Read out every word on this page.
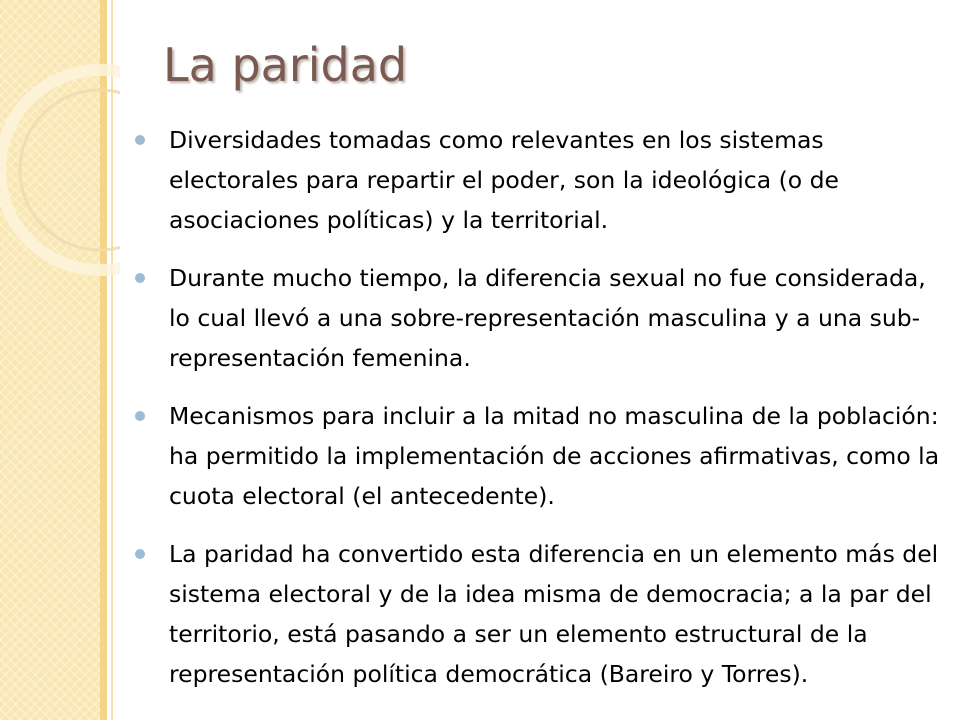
La paridad
Diversidades tomadas como relevantes en los sistemas electorales para repartir el poder, son la ideológica (o de asociaciones políticas) y la territorial.
Durante mucho tiempo, la diferencia sexual no fue considerada, lo cual llevó a una sobre-representación masculina y a una sub-representación femenina.
Mecanismos para incluir a la mitad no masculina de la población: ha permitido la implementación de acciones afirmativas, como la cuota electoral (el antecedente).
La paridad ha convertido esta diferencia en un elemento más del sistema electoral y de la idea misma de democracia; a la par del territorio, está pasando a ser un elemento estructural de la representación política democrática (Bareiro y Torres).
